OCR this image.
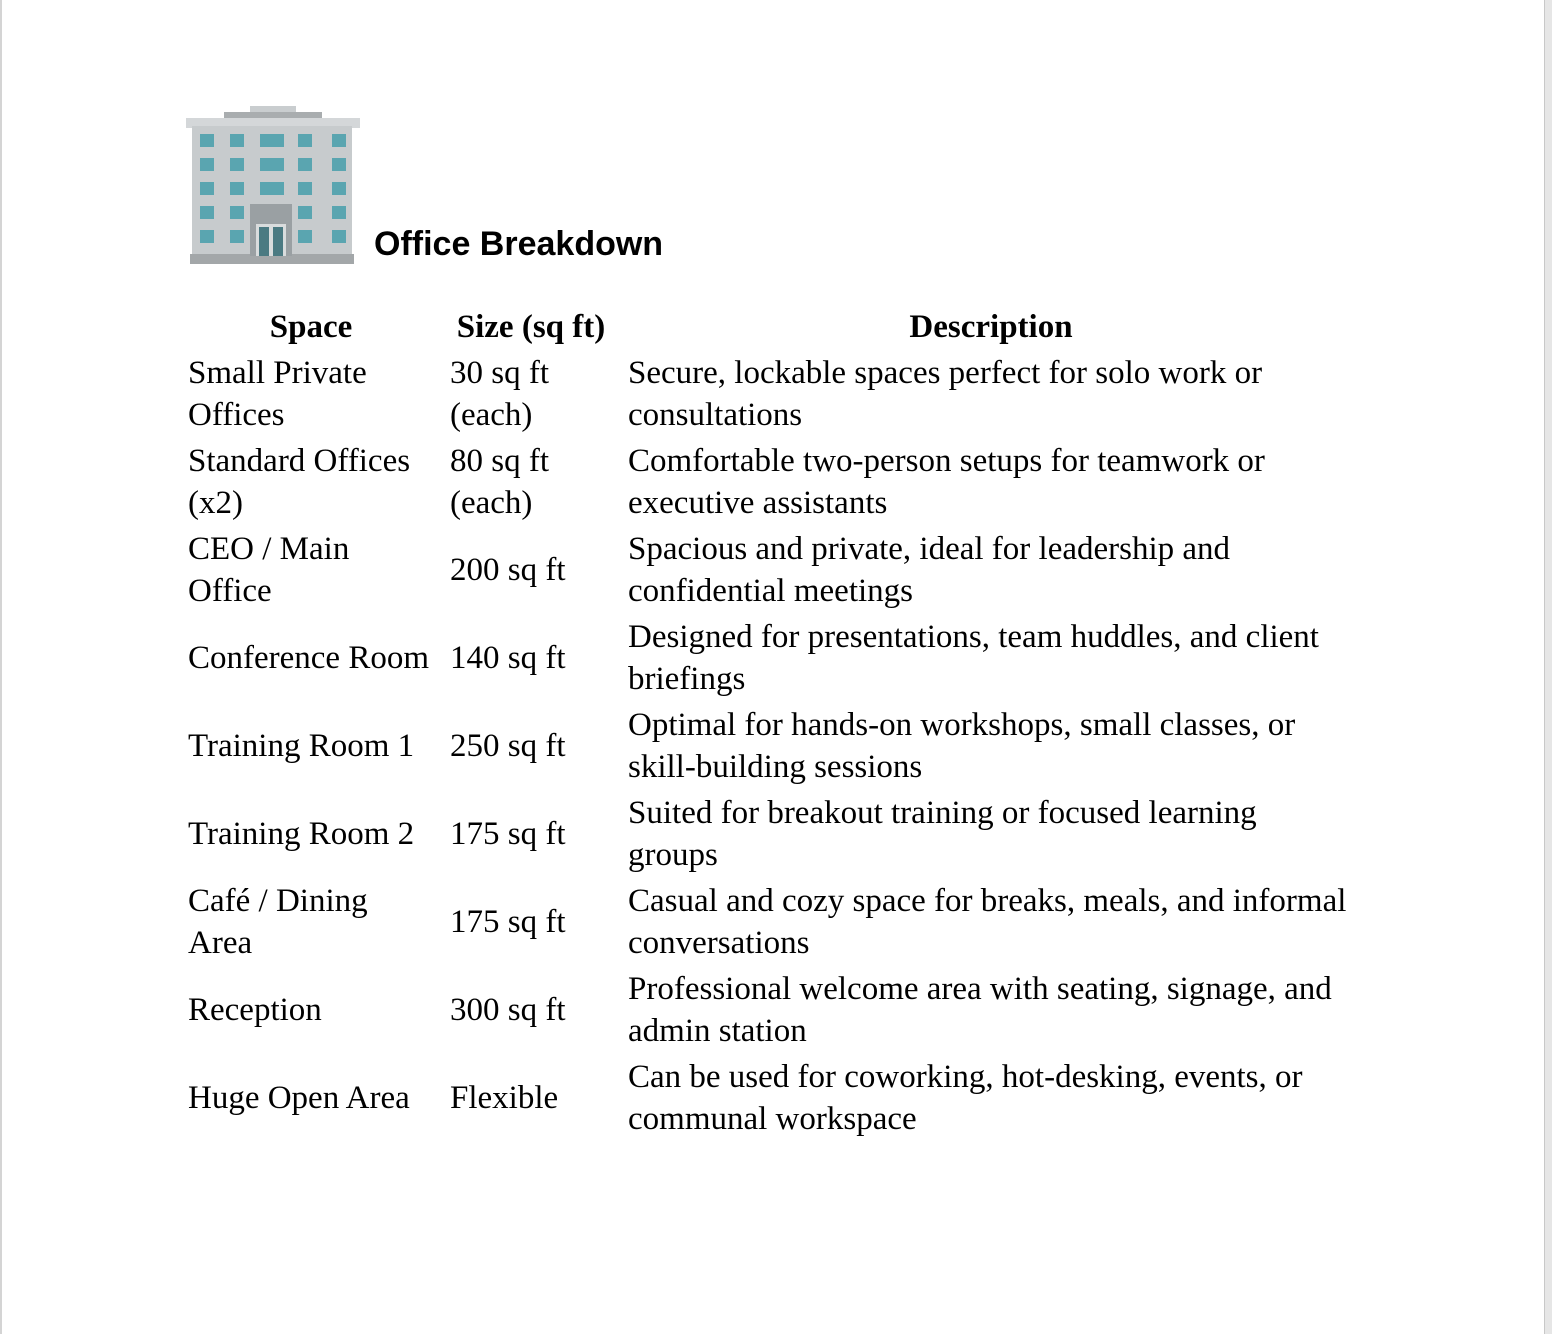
Office Breakdown
Space	Size (sq ft)	Description
Small Private Offices	30 sq ft (each)	Secure, lockable spaces perfect for solo work or consultations
Standard Offices (x2)	80 sq ft (each)	Comfortable two-person setups for teamwork or executive assistants
CEO / Main Office	200 sq ft	Spacious and private, ideal for leadership and confidential meetings
Conference Room	140 sq ft	Designed for presentations, team huddles, and client briefings
Training Room 1	250 sq ft	Optimal for hands-on workshops, small classes, or skill-building sessions
Training Room 2	175 sq ft	Suited for breakout training or focused learning groups
Café / Dining Area	175 sq ft	Casual and cozy space for breaks, meals, and informal conversations
Reception	300 sq ft	Professional welcome area with seating, signage, and admin station
Huge Open Area	Flexible	Can be used for coworking, hot-desking, events, or communal workspace
